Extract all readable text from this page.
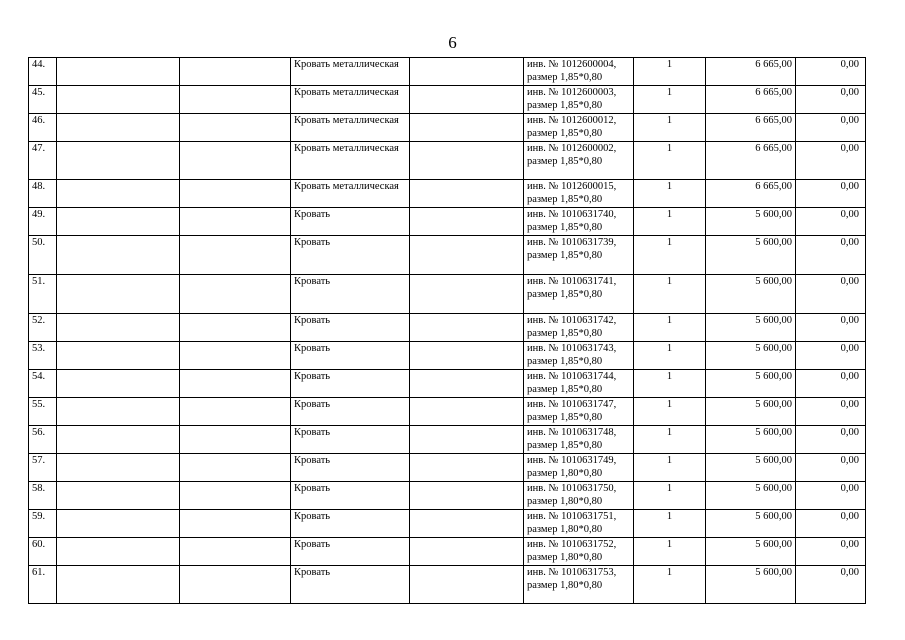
6
44.			Кровать металлическая		инв. № 1012600004, размер 1,85*0,80	1	6 665,00	0,00
45.			Кровать металлическая		инв. № 1012600003, размер 1,85*0,80	1	6 665,00	0,00
46.			Кровать металлическая		инв. № 1012600012, размер 1,85*0,80	1	6 665,00	0,00
47.			Кровать металлическая		инв. № 1012600002, размер 1,85*0,80	1	6 665,00	0,00
48.			Кровать металлическая		инв. № 1012600015, размер 1,85*0,80	1	6 665,00	0,00
49.			Кровать		инв. № 1010631740, размер 1,85*0,80	1	5 600,00	0,00
50.			Кровать		инв. № 1010631739, размер 1,85*0,80	1	5 600,00	0,00
51.			Кровать		инв. № 1010631741, размер 1,85*0,80	1	5 600,00	0,00
52.			Кровать		инв. № 1010631742, размер 1,85*0,80	1	5 600,00	0,00
53.			Кровать		инв. № 1010631743, размер 1,85*0,80	1	5 600,00	0,00
54.			Кровать		инв. № 1010631744, размер 1,85*0,80	1	5 600,00	0,00
55.			Кровать		инв. № 1010631747, размер 1,85*0,80	1	5 600,00	0,00
56.			Кровать		инв. № 1010631748, размер 1,85*0,80	1	5 600,00	0,00
57.			Кровать		инв. № 1010631749, размер 1,80*0,80	1	5 600,00	0,00
58.			Кровать		инв. № 1010631750, размер 1,80*0,80	1	5 600,00	0,00
59.			Кровать		инв. № 1010631751, размер 1,80*0,80	1	5 600,00	0,00
60.			Кровать		инв. № 1010631752, размер 1,80*0,80	1	5 600,00	0,00
61.			Кровать		инв. № 1010631753, размер 1,80*0,80	1	5 600,00	0,00
